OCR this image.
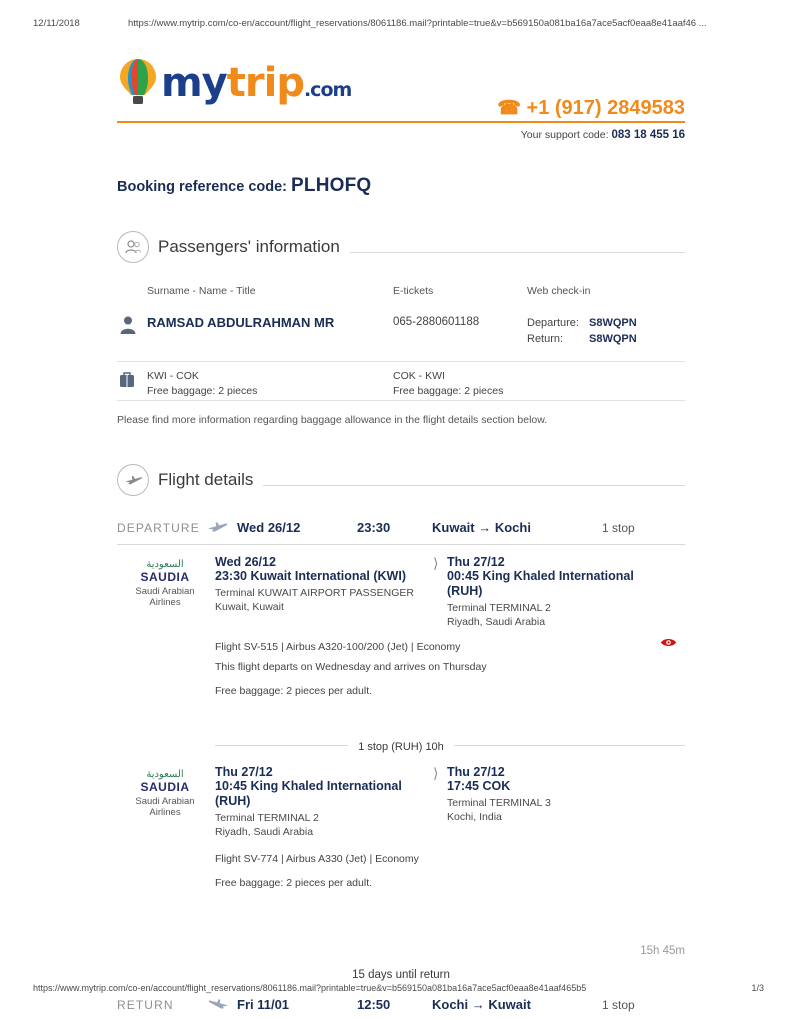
12/11/2018	https://www.mytrip.com/co-en/account/flight_reservations/8061186.mail?printable=true&v=b569150a081ba16a7ace5acf0eaa8e41aaf46 ...
mytrip.com
☎ +1 (917) 2849583
Your support code: 083 18 455 16
Booking reference code: PLHOFQ
Passengers' information
Surname - Name - Title	E-tickets	Web check-in
RAMSAD ABDULRAHMAN MR	065-2880601188	Departure: S8WQPN
Return: S8WQPN
KWI - COK
Free baggage: 2 pieces
COK - KWI
Free baggage: 2 pieces
Please find more information regarding baggage allowance in the flight details section below.
Flight details
DEPARTURE	Wed 26/12	23:30	Kuwait → Kochi	1 stop
السعودية
SAUDIA
Saudi Arabian Airlines
Wed 26/12
23:30 Kuwait International (KWI)
Terminal KUWAIT AIRPORT PASSENGER
Kuwait, Kuwait
⟩ Thu 27/12
00:45 King Khaled International (RUH)
Terminal TERMINAL 2
Riyadh, Saudi Arabia
Flight SV-515 | Airbus A320-100/200 (Jet) | Economy
This flight departs on Wednesday and arrives on Thursday
Free baggage: 2 pieces per adult.
1 stop (RUH) 10h
السعودية
SAUDIA
Saudi Arabian Airlines
Thu 27/12
10:45 King Khaled International (RUH)
Terminal TERMINAL 2
Riyadh, Saudi Arabia
⟩ Thu 27/12
17:45 COK
Terminal TERMINAL 3
Kochi, India
Flight SV-774 | Airbus A330 (Jet) | Economy
Free baggage: 2 pieces per adult.
15h 45m
15 days until return
RETURN	Fri 11/01	12:50	Kochi → Kuwait	1 stop
https://www.mytrip.com/co-en/account/flight_reservations/8061186.mail?printable=true&v=b569150a081ba16a7ace5acf0eaa8e41aaf465b5	1/3
